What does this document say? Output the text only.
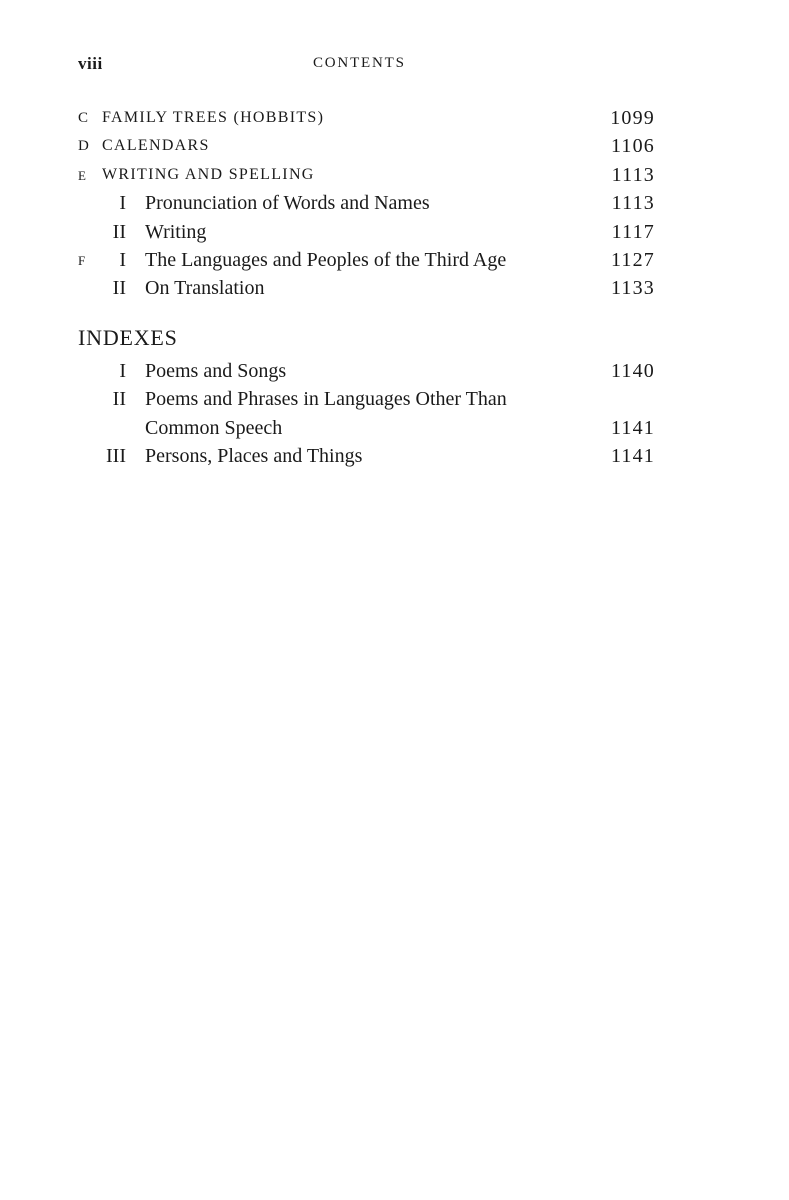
viii	CONTENTS
C FAMILY TREES (HOBBITS)	1099
D CALENDARS	1106
E WRITING AND SPELLING	1113
I Pronunciation of Words and Names	1113
II Writing	1117
F	I The Languages and Peoples of the Third Age	1127
II On Translation	1133
INDEXES
I Poems and Songs	1140
II Poems and Phrases in Languages Other Than
Common Speech	1141
III Persons, Places and Things	1141
